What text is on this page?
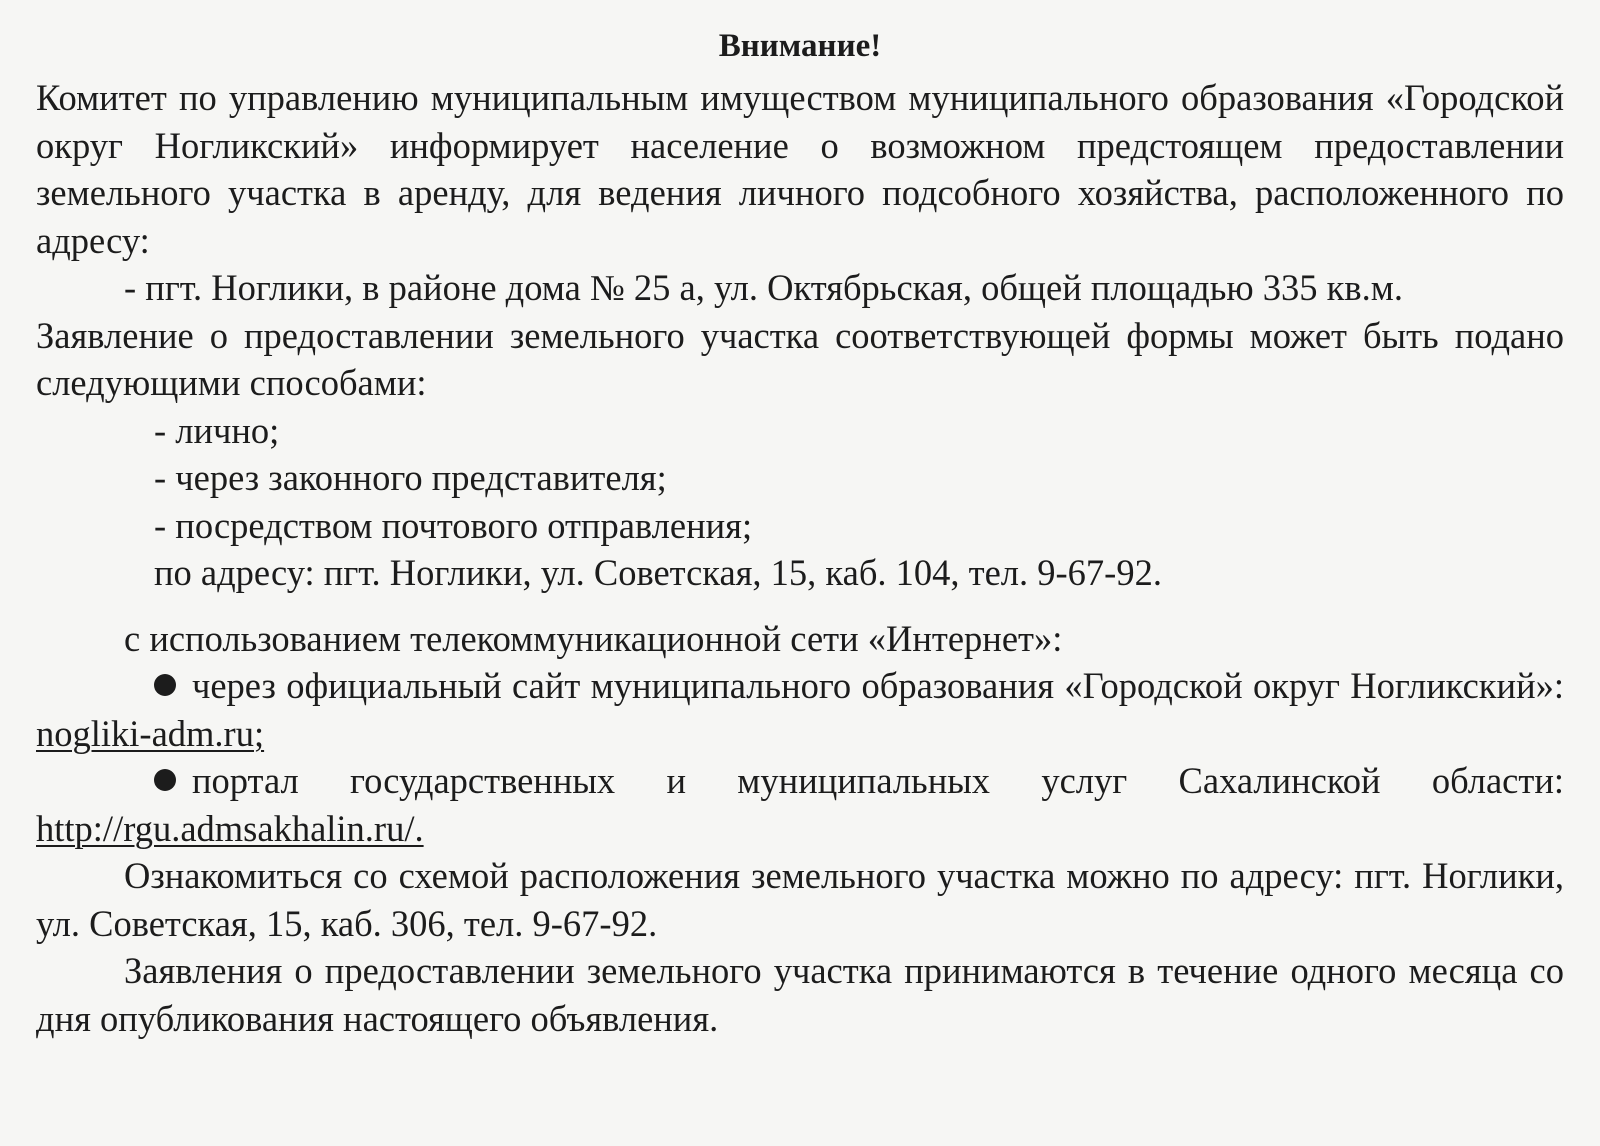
Внимание!

Комитет по управлению муниципальным имуществом муниципального образования «Городской округ Ногликский» информирует население о возможном предстоящем предоставлении земельного участка в аренду, для ведения личного подсобного хозяйства, расположенного по адресу:

- пгт. Ноглики, в районе дома № 25 а, ул. Октябрьская, общей площадью 335 кв.м.

Заявление о предоставлении земельного участка соответствующей формы может быть подано следующими способами:

- лично;

- через законного представителя;

- посредством почтового отправления;

по адресу: пгт. Ноглики, ул. Советская, 15, каб. 104, тел. 9-67-92.

с использованием телекоммуникационной сети «Интернет»:

через официальный сайт муниципального образования «Городской округ Ногликский»: nogliki-adm.ru;

портал государственных и муниципальных услуг Сахалинской области: http://rgu.admsakhalin.ru/.

Ознакомиться со схемой расположения земельного участка можно по адресу: пгт. Ноглики, ул. Советская, 15, каб. 306, тел. 9-67-92.

Заявления о предоставлении земельного участка принимаются в течение одного месяца со дня опубликования настоящего объявления.
